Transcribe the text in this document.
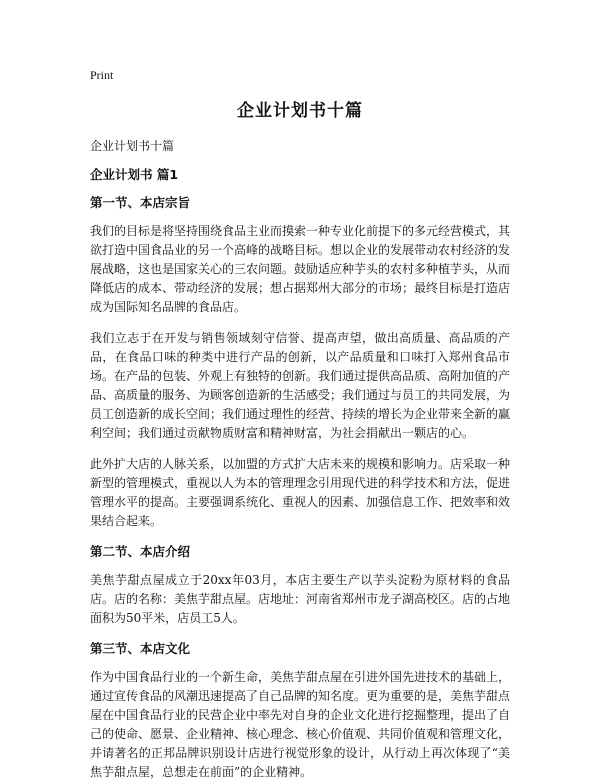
Print
企业计划书十篇
企业计划书十篇
企业计划书 篇1
第一节、本店宗旨

我们的目标是将坚持围绕食品主业而摸索一种专业化前提下的多元经营模式，其欲打造中国食品业的另一个高峰的战略目标。想以企业的发展带动农村经济的发展战略，这也是国家关心的三农问题。鼓励适应种芋头的农村多种植芋头，从而降低店的成本、带动经济的发展；想占据郑州大部分的市场；最终目标是打造店成为国际知名品牌的食品店。

我们立志于在开发与销售领域刻守信誉、提高声望，做出高质量、高品质的产品，在食品口味的种类中进行产品的创新，以产品质量和口味打入郑州食品市场。在产品的包装、外观上有独特的创新。我们通过提供高品质、高附加值的产品、高质量的服务、为顾客创造新的生活感受；我们通过与员工的共同发展，为员工创造新的成长空间；我们通过理性的经营、持续的增长为企业带来全新的赢利空间；我们通过贡献物质财富和精神财富，为社会捐献出一颗店的心。

此外扩大店的人脉关系，以加盟的方式扩大店未来的规模和影响力。店采取一种新型的管理模式，重视以人为本的管理理念引用现代进的科学技术和方法，促进管理水平的提高。主要强调系统化、重视人的因素、加强信息工作、把效率和效果结合起来。

第二节、本店介绍

美焦芋甜点屋成立于20xx年03月，本店主要生产以芋头淀粉为原材料的食品店。店的名称：美焦芋甜点屋。店地址：河南省郑州市龙子湖高校区。店的占地面积为50平米，店员工5人。

第三节、本店文化

作为中国食品行业的一个新生命，美焦芋甜点屋在引进外国先进技术的基础上，通过宣传食品的风潮迅速提高了自己品牌的知名度。更为重要的是，美焦芋甜点屋在中国食品行业的民营企业中率先对自身的企业文化进行挖掘整理，提出了自己的使命、愿景、企业精神、核心理念、核心价值观、共同价值观和管理文化，并请著名的正邦品牌识别设计店进行视觉形象的设计，从行动上再次体现了“美焦芋甜点屋，总想走在前面”的企业精神。
